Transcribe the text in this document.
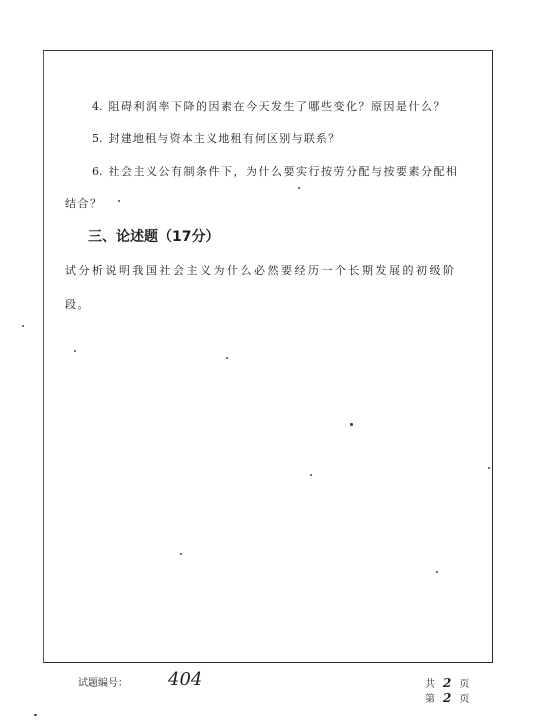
4. 阻碍利润率下降的因素在今天发生了哪些变化？原因是什么？
5. 封建地租与资本主义地租有何区别与联系？
6. 社会主义公有制条件下，为什么要实行按劳分配与按要素分配相
结合？
三、论述题（17分）
试分析说明我国社会主义为什么必然要经历一个长期发展的初级阶
段。
试题编号： 404	共 2 页
第 2 页
